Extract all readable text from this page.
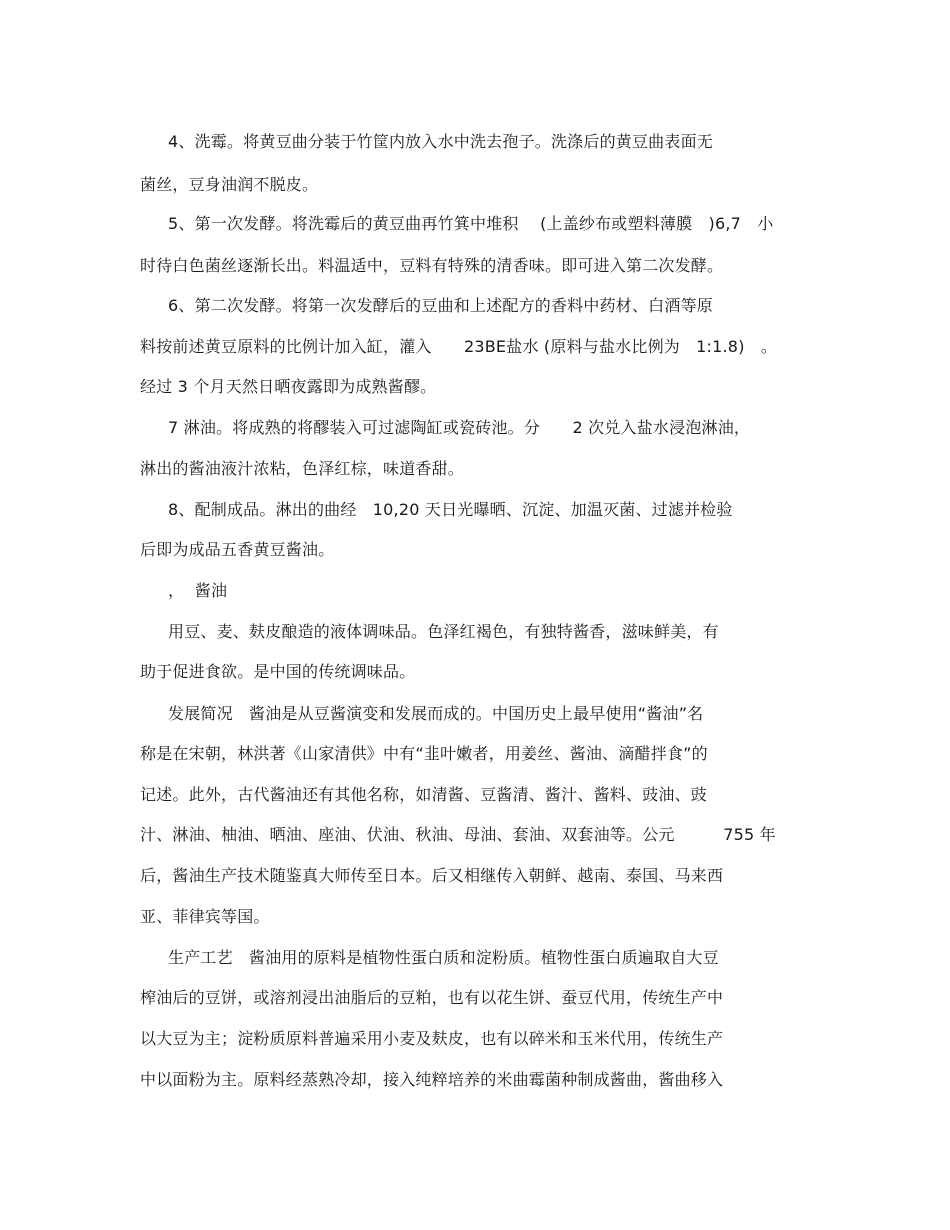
4、洗霉。将黄豆曲分装于竹筐内放入水中洗去孢子。洗涤后的黄豆曲表面无
菌丝，豆身油润不脱皮。
5、第一次发酵。将洗霉后的黄豆曲再竹箕中堆积　 (上盖纱布或塑料薄膜　)6,7　小
时待白色菌丝逐渐长出。料温适中，豆料有特殊的清香味。即可进入第二次发酵。
6、第二次发酵。将第一次发酵后的豆曲和上述配方的香料中药材、白酒等原
料按前述黄豆原料的比例计加入缸，灌入　　23BE盐水 (原料与盐水比例为　1:1.8)　。
经过 3 个月天然日晒夜露即为成熟酱醪。
7 淋油。将成熟的将醪装入可过滤陶缸或瓷砖池。分　　2 次兑入盐水浸泡淋油，
淋出的酱油液汁浓粘，色泽红棕，味道香甜。
8、配制成品。淋出的曲经　10,20 天日光曝晒、沉淀、加温灭菌、过滤并检验
后即为成品五香黄豆酱油。
，  酱油
用豆、麦、麸皮酿造的液体调味品。色泽红褐色，有独特酱香，滋味鲜美，有
助于促进食欲。是中国的传统调味品。
发展简况　酱油是从豆酱演变和发展而成的。中国历史上最早使用“酱油”名
称是在宋朝，林洪著《山家清供》中有“韭叶嫩者，用姜丝、酱油、滴醋拌食”的
记述。此外，古代酱油还有其他名称，如清酱、豆酱清、酱汁、酱料、豉油、豉
汁、淋油、柚油、晒油、座油、伏油、秋油、母油、套油、双套油等。公元　　　755 年
后，酱油生产技术随鉴真大师传至日本。后又相继传入朝鲜、越南、泰国、马来西
亚、菲律宾等国。
生产工艺　酱油用的原料是植物性蛋白质和淀粉质。植物性蛋白质遍取自大豆
榨油后的豆饼，或溶剂浸出油脂后的豆粕，也有以花生饼、蚕豆代用，传统生产中
以大豆为主；淀粉质原料普遍采用小麦及麸皮，也有以碎米和玉米代用，传统生产
中以面粉为主。原料经蒸熟冷却，接入纯粹培养的米曲霉菌种制成酱曲，酱曲移入
